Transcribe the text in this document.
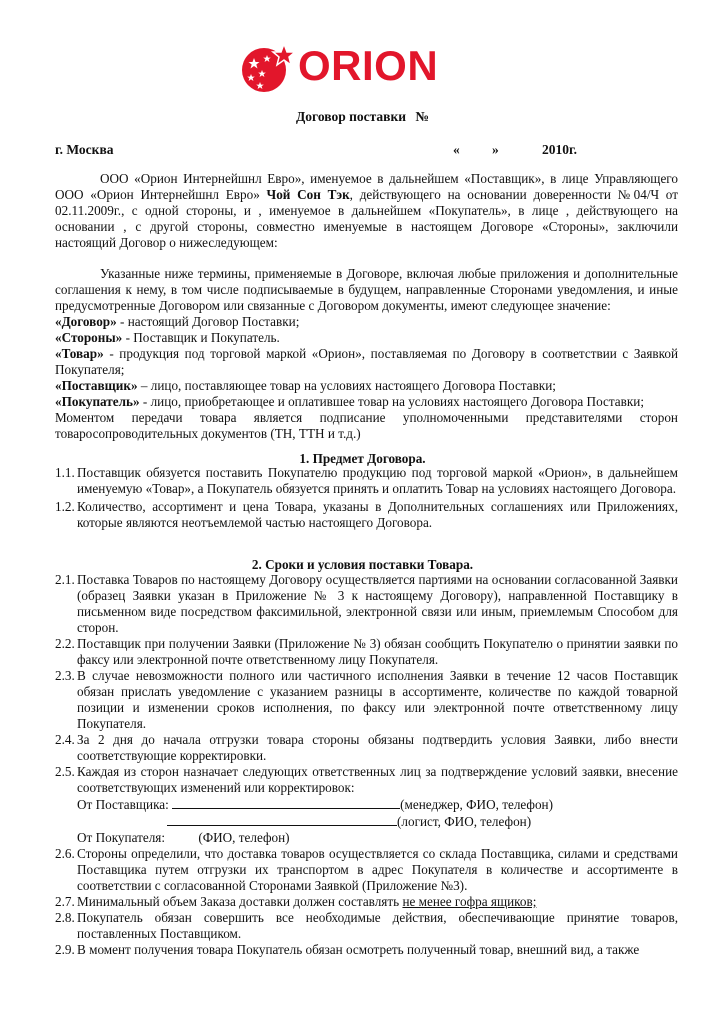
ORION
Договор поставки №
г. Москва	« »	2010г.
ООО «Орион Интернейшнл Евро», именуемое в дальнейшем «Поставщик», в лице Управляющего ООО «Орион Интернейшнл Евро» Чой Сон Тэк, действующего на основании доверенности №04/Ч от 02.11.2009г., с одной стороны, и , именуемое в дальнейшем «Покупатель», в лице , действующего на основании , с другой стороны, совместно именуемые в настоящем Договоре «Стороны», заключили настоящий Договор о нижеследующем:
Указанные ниже термины, применяемые в Договоре, включая любые приложения и дополнительные соглашения к нему, в том числе подписываемые в будущем, направленные Сторонами уведомления, и иные предусмотренные Договором или связанные с Договором документы, имеют следующее значение:
«Договор» - настоящий Договор Поставки;
«Стороны» - Поставщик и Покупатель.
«Товар» - продукция под торговой маркой «Орион», поставляемая по Договору в соответствии с Заявкой Покупателя;
«Поставщик» – лицо, поставляющее товар на условиях настоящего Договора Поставки;
«Покупатель» - лицо, приобретающее и оплатившее товар на условиях настоящего Договора Поставки;
Моментом передачи товара является подписание уполномоченными представителями сторон товаросопроводительных документов (ТН, ТТН и т.д.)
1. Предмет Договора.
1.1. Поставщик обязуется поставить Покупателю продукцию под торговой маркой «Орион», в дальнейшем именуемую «Товар», а Покупатель обязуется принять и оплатить Товар на условиях настоящего Договора.
1.2. Количество, ассортимент и цена Товара, указаны в Дополнительных соглашениях или Приложениях, которые являются неотъемлемой частью настоящего Договора.
2. Сроки и условия поставки Товара.
2.1. Поставка Товаров по настоящему Договору осуществляется партиями на основании согласованной Заявки (образец Заявки указан в Приложение № 3 к настоящему Договору), направленной Поставщику в письменном виде посредством факсимильной, электронной связи или иным, приемлемым Способом для сторон.
2.2. Поставщик при получении Заявки (Приложение № 3) обязан сообщить Покупателю о принятии заявки по факсу или электронной почте ответственному лицу Покупателя.
2.3. В случае невозможности полного или частичного исполнения Заявки в течение 12 часов Поставщик обязан прислать уведомление с указанием разницы в ассортименте, количестве по каждой товарной позиции и изменении сроков исполнения, по факсу или электронной почте ответственному лицу Покупателя.
2.4. За 2 дня до начала отгрузки товара стороны обязаны подтвердить условия Заявки, либо внести соответствующие корректировки.
2.5. Каждая из сторон назначает следующих ответственных лиц за подтверждение условий заявки, внесение соответствующих изменений или корректировок:
От Поставщика:	(менеджер, ФИО, телефон)
(логист, ФИО, телефон)
От Покупателя:	(ФИО, телефон)
2.6. Стороны определили, что доставка товаров осуществляется со склада Поставщика, силами и средствами Поставщика путем отгрузки их транспортом в адрес Покупателя в количестве и ассортименте в соответствии с согласованной Сторонами Заявкой (Приложение №3).
2.7. Минимальный объем Заказа доставки должен составлять не менее гофра ящиков;
2.8. Покупатель обязан совершить все необходимые действия, обеспечивающие принятие товаров, поставленных Поставщиком.
2.9. В момент получения товара Покупатель обязан осмотреть полученный товар, внешний вид, а также
